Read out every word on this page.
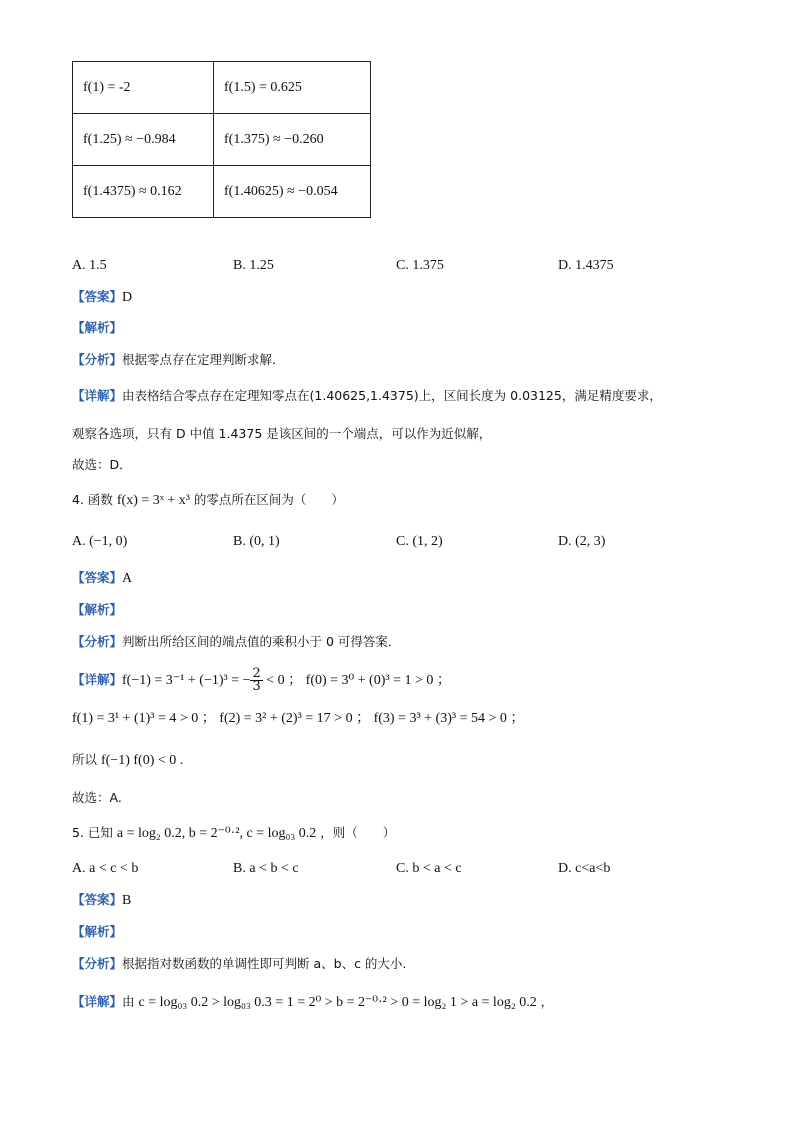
f(1) = -2	f(1.5) = 0.625
f(1.25) ≈ −0.984	f(1.375) ≈ −0.260
f(1.4375) ≈ 0.162	f(1.40625) ≈ −0.054
A. 1.5	B. 1.25	C. 1.375	D. 1.4375
【答案】D
【解析】
【分析】根据零点存在定理判断求解．
【详解】由表格结合零点存在定理知零点在(1.40625,1.4375)上，区间长度为 0.03125，满足精度要求，
观察各选项，只有 D 中值 1.4375 是该区间的一个端点，可以作为近似解，
故选：D．
4. 函数 f(x) = 3ˣ + x³ 的零点所在区间为（　　）
A. (−1, 0)	B. (0, 1)	C. (1, 2)	D. (2, 3)
【答案】A
【解析】
【分析】判断出所给区间的端点值的乘积小于 0 可得答案．
【详解】f(−1) = 3⁻¹ + (−1)³ = − $\frac{2}{3} < 0$ ； f(0) = 3⁰ + (0)³ = 1 > 0 ；
f(1) = 3¹ + (1)³ = 4 > 0 ； f(2) = 3² + (2)³ = 17 > 0 ； f(3) = 3³ + (3)³ = 54 > 0 ；
所以 f(−1) f(0) < 0 .
故选：A.
5. 已知 a = log₂ 0.2, b = 2⁻⁰·², c = log₀₃ 0.2 ，则（　　）
A. a < c < b	B. a < b < c	C. b < a < c	D. c<a<b
【答案】B
【解析】
【分析】根据指对数函数的单调性即可判断 a、b、c 的大小.
【详解】由 c = log₀₃ 0.2 > log₀₃ 0.3 = 1 = 2⁰ > b = 2⁻⁰·² > 0 = log₂ 1 > a = log₂ 0.2 ，
